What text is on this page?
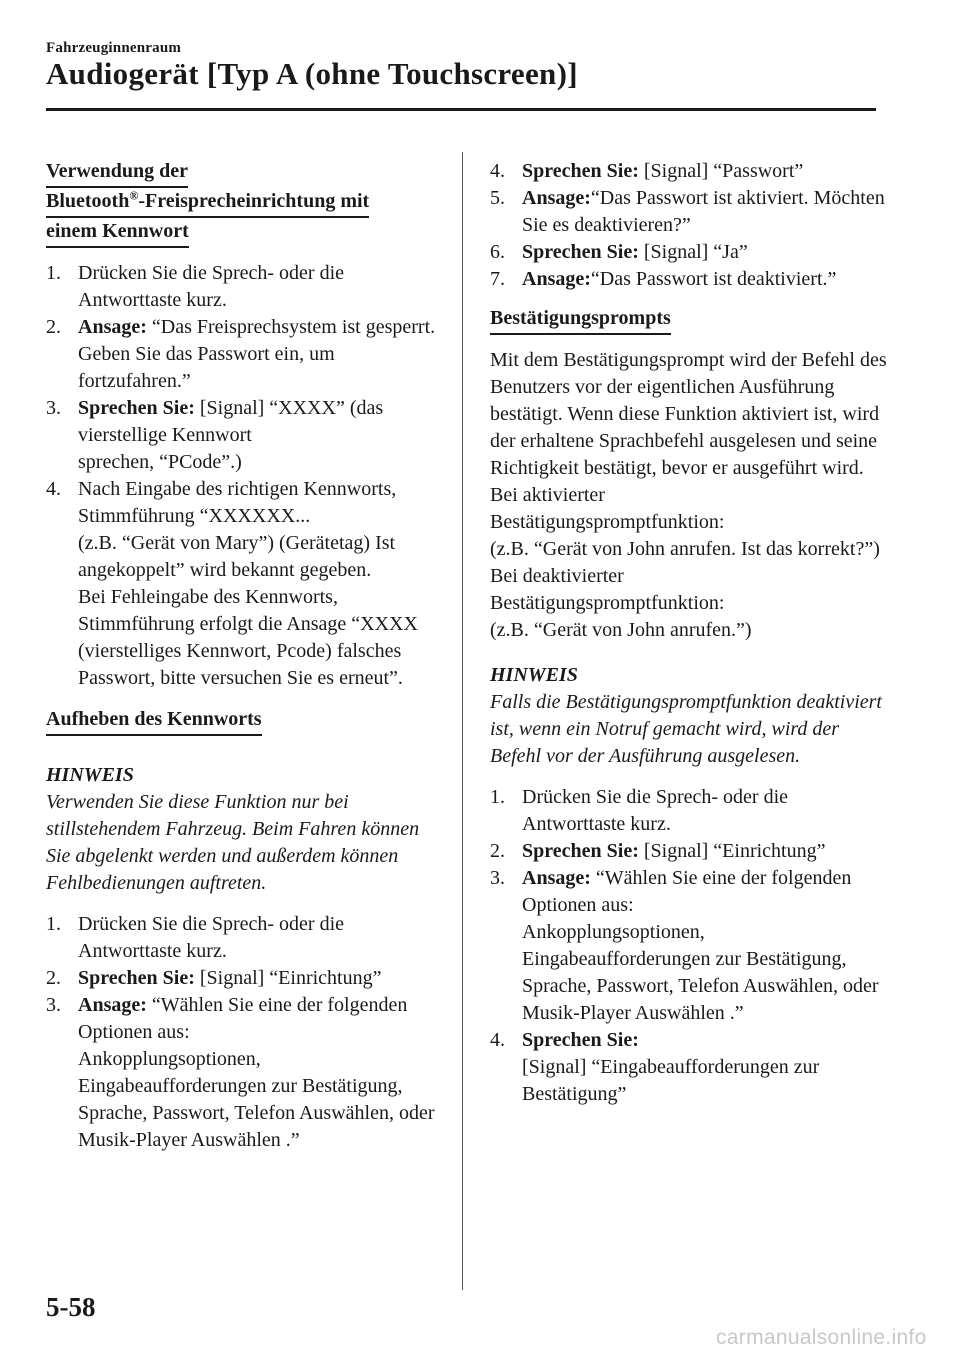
Fahrzeuginnenraum
Audiogerät [Typ A (ohne Touchscreen)]
Verwendung der
Bluetooth®-Freisprecheinrichtung mit
einem Kennwort
1. Drücken Sie die Sprech- oder die Antworttaste kurz.
2. Ansage: “Das Freisprechsystem ist gesperrt. Geben Sie das Passwort ein, um fortzufahren.”
3. Sprechen Sie: [Signal] “XXXX” (das vierstellige Kennwort
sprechen, “PCode”.)
4. Nach Eingabe des richtigen Kennworts,
Stimmführung “XXXXXX...
(z.B. “Gerät von Mary”) (Gerätetag) Ist angekoppelt” wird bekannt gegeben.
Bei Fehleingabe des Kennworts, Stimmführung erfolgt die Ansage “XXXX (vierstelliges Kennwort, Pcode) falsches Passwort, bitte versuchen Sie es erneut”.
Aufheben des Kennworts
HINWEIS
Verwenden Sie diese Funktion nur bei stillstehendem Fahrzeug. Beim Fahren können Sie abgelenkt werden und außerdem können Fehlbedienungen auftreten.
1. Drücken Sie die Sprech- oder die Antworttaste kurz.
2. Sprechen Sie: [Signal] “Einrichtung”
3. Ansage: “Wählen Sie eine der folgenden Optionen aus:
Ankopplungsoptionen,
Eingabeaufforderungen zur Bestätigung, Sprache, Passwort, Telefon Auswählen, oder Musik-Player Auswählen .”
4. Sprechen Sie: [Signal] “Passwort”
5. Ansage:“Das Passwort ist aktiviert. Möchten Sie es deaktivieren?”
6. Sprechen Sie: [Signal] “Ja”
7. Ansage:“Das Passwort ist deaktiviert.”
Bestätigungsprompts

Mit dem Bestätigungsprompt wird der Befehl des Benutzers vor der eigentlichen Ausführung bestätigt. Wenn diese Funktion aktiviert ist, wird der erhaltene Sprachbefehl ausgelesen und seine Richtigkeit bestätigt, bevor er ausgeführt wird.
Bei aktivierter
Bestätigungspromptfunktion:
(z.B. “Gerät von John anrufen. Ist das korrekt?”)
Bei deaktivierter
Bestätigungspromptfunktion:
(z.B. “Gerät von John anrufen.”)

HINWEIS
Falls die Bestätigungspromptfunktion deaktiviert ist, wenn ein Notruf gemacht wird, wird der Befehl vor der Ausführung ausgelesen.
1. Drücken Sie die Sprech- oder die Antworttaste kurz.
2. Sprechen Sie: [Signal] “Einrichtung”
3. Ansage: “Wählen Sie eine der folgenden Optionen aus:
Ankopplungsoptionen,
Eingabeaufforderungen zur Bestätigung, Sprache, Passwort, Telefon Auswählen, oder Musik-Player Auswählen .”
4. Sprechen Sie:
[Signal] “Eingabeaufforderungen zur Bestätigung”
5-58
carmanualsonline.info
